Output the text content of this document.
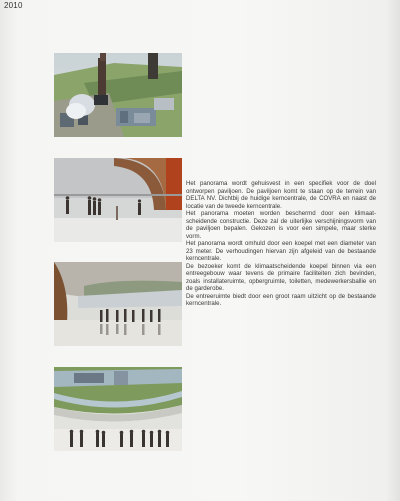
2010

Het panorama wordt gehuisvest in een specifiek voor de doel ontworpen paviljoen. De paviljoen komt te staan op de terrein van DELTA NV. Dichtbij de huidige kerncentrale, de COVRA en naast de locatie van de tweede kerncentrale.

Het panorama moeten worden beschermd door een klimaat-scheidende constructie. Deze zal de uiterlijke verschijningsvorm van de paviljoen bepalen. Gekozen is voor een simpele, maar sterke vorm.

Het panorama wordt omhuld door een koepel met een diameter van 23 meter. De verhoudingen hiervan zijn afgeleid van de bestaande kerncentrale.

De bezoeker komt de klimaatscheidende koepel binnen via een entreegebouw waar tevens de primaire faciliteiten zich bevinden, zoals installateruimte, opbergruimte, toiletten, medewerkersballie en de garderobe.

De entreeruimte biedt door een groot raam uitzicht op de bestaande kerncentrale.
